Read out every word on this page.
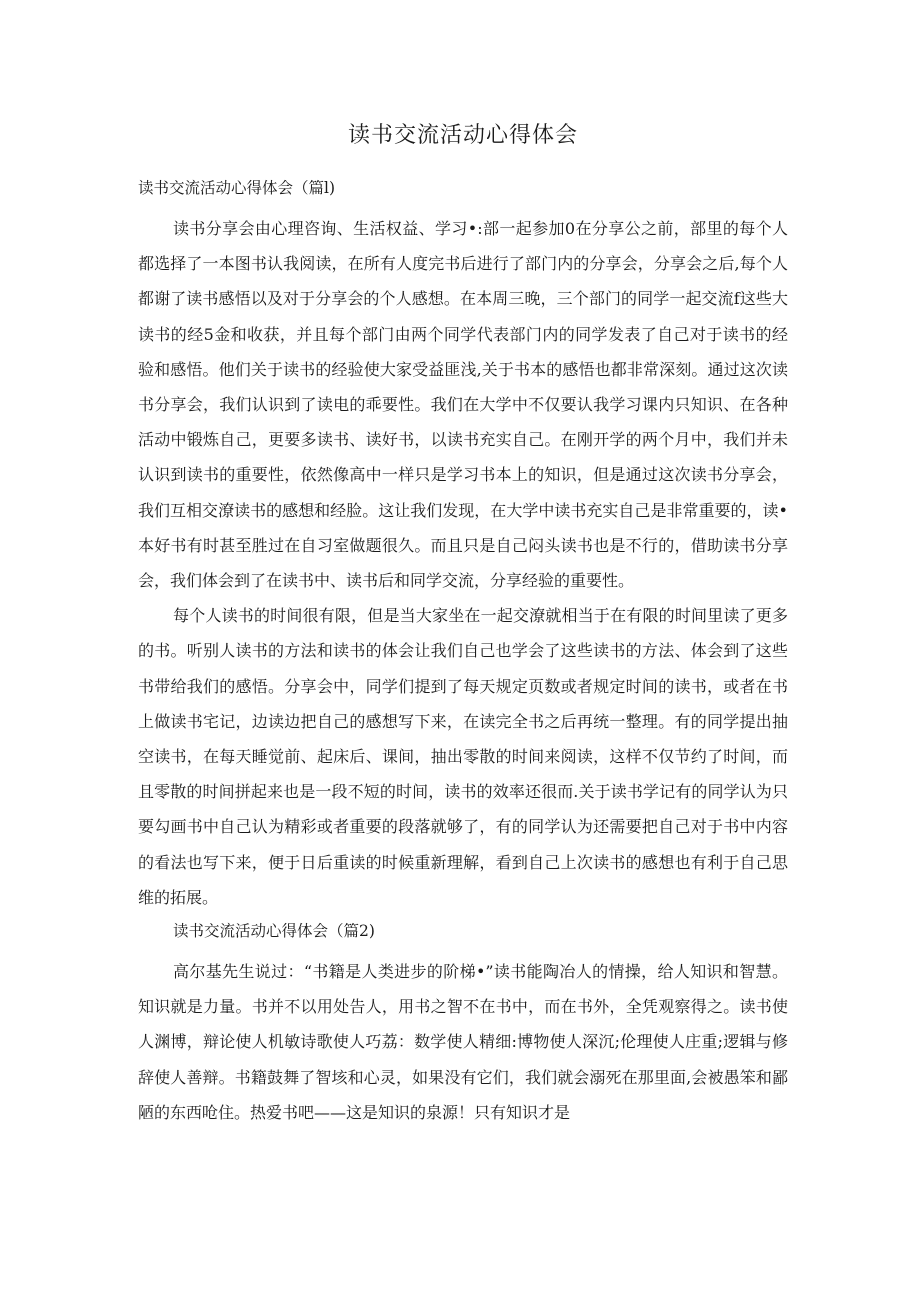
读书交流活动心得体会
读书交流活动心得体会（篇l)

读书分享会由心理咨询、生活权益、学习•:部一起参加0在分享公之前，部里的每个人都选择了一本图书认我阅读，在所有人度完书后进行了部门内的分享会，分享会之后,每个人都谢了读书感悟以及对于分享会的个人感想。在本周三晚，三个部门的同学一起交流f这些大读书的经5金和收获，并且每个部门由两个同学代表部门内的同学发表了自己对于读书的经验和感悟。他们关于读书的经验使大家受益匪浅,关于书本的感悟也都非常深刻。通过这次读书分享会，我们认识到了读电的乖要性。我们在大学中不仅要认我学习课内只知识、在各种活动中锻炼自己，更要多读书、读好书，以读书充实自己。在刚开学的两个月中，我们并未认识到读书的重要性，依然像高中一样只是学习书本上的知识，但是通过这次读书分享会，我们互相交潦读书的感想和经脸。这让我们发现，在大学中读书充实自己是非常重要的，读•本好书有时甚至胜过在自习室做题很久。而且只是自己闷头读书也是不行的，借助读书分享会，我们体会到了在读书中、读书后和同学交流，分享经验的重要性。

每个人读书的时间很有限，但是当大家坐在一起交潦就相当于在有限的时间里读了更多的书。听别人读书的方法和读书的体会让我们自己也学会了这些读书的方法、体会到了这些书带给我们的感悟。分享会中，同学们提到了每天规定页数或者规定时间的读书，或者在书上做读书宅记，边读边把自己的感想写下来，在读完全书之后再统一整理。有的同学提出抽空读书，在每天睡觉前、起床后、课间，抽出零散的时间来阅读，这样不仅节约了时间，而且零散的时间拼起来也是一段不短的时间，读书的效率还很而.关于读书学记有的同学认为只要勾画书中自己认为精彩或者重要的段落就够了，有的同学认为还需要把自己对于书中内容的看法也写下来，便于日后重读的时候重新理解，看到自己上次读书的感想也有利于自己思维的拓展。

读书交流活动心得体会（篇2)

高尔基先生说过：“书籍是人类进步的阶梯•”读书能陶冶人的情操，给人知识和智慧。知识就是力量。书并不以用处告人，用书之智不在书中，而在书外，全凭观察得之。读书使人渊博，辩论使人机敏诗歌使人巧荔：数学使人精细:博物使人深沉;伦理使人庄重;逻辑与修辞使人善辩。书籍鼓舞了智垓和心灵，如果没有它们，我们就会溺死在那里面,会被愚笨和鄙陋的东西呛住。热爱书吧——这是知识的泉源！只有知识才是
